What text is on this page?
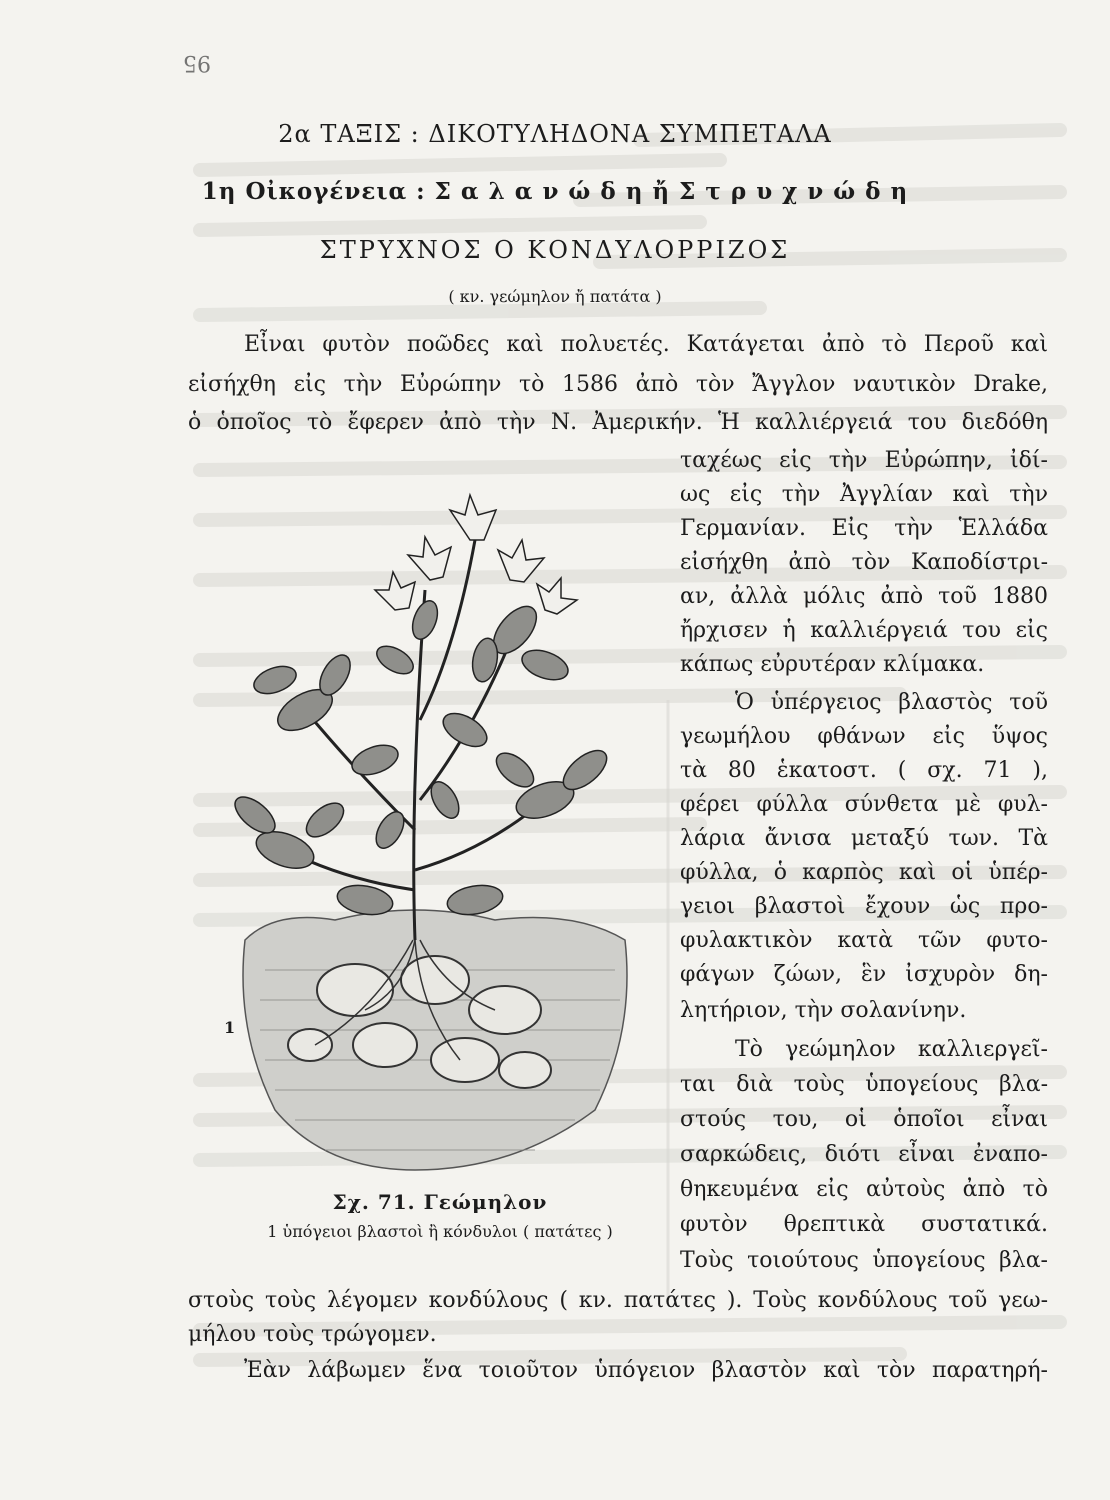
95
2α ΤΑΞΙΣ : ΔΙΚΟΤΥΛΗΔΟΝΑ ΣΥΜΠΕΤΑΛΑ
1η Οἰκογένεια : Σ α λ α ν ώ δ η ἤ Σ τ ρ υ χ ν ώ δ η
ΣΤΡΥΧΝΟΣ Ο ΚΟΝΔΥΛΟΡΡΙΖΟΣ
( κν. γεώμηλον ἤ πατάτα )
Εἶναι φυτὸν ποῶδες καὶ πολυετές. Κατάγεται ἀπὸ τὸ Περοῦ καὶ
εἰσήχθη εἰς τὴν Εὐρώπην τὸ 1586 ἀπὸ τὸν Ἄγγλον ναυτικὸν Drake,
ὁ ὁποῖος τὸ ἔφερεν ἀπὸ τὴν Ν. Ἀμερικήν. Ἡ καλλιέργειά του διεδόθη
ταχέως εἰς τὴν Εὐρώπην, ἰδί-
ως εἰς τὴν Ἀγγλίαν καὶ τὴν
Γερμανίαν. Εἰς τὴν Ἑλλάδα
εἰσήχθη ἀπὸ τὸν Καποδίστρι-
αν, ἀλλὰ μόλις ἀπὸ τοῦ 1880
ἤρχισεν ἡ καλλιέργειά του εἰς
κάπως εὐρυτέραν κλίμακα.
Ὁ ὑπέργειος βλαστὸς τοῦ
γεωμήλου φθάνων εἰς ὕψος
τὰ 80 ἑκατοστ. ( σχ. 71 ),
φέρει φύλλα σύνθετα μὲ φυλ-
λάρια ἄνισα μεταξύ των. Τὰ
φύλλα, ὁ καρπὸς καὶ οἱ ὑπέρ-
γειοι βλαστοὶ ἔχουν ὡς προ-
φυλακτικὸν κατὰ τῶν φυτο-
φάγων ζώων, ἓν ἰσχυρὸν δη-
λητήριον, τὴν σολανίνην.
Τὸ γεώμηλον καλλιεργεῖ-
ται διὰ τοὺς ὑπογείους βλα-
στούς του, οἱ ὁποῖοι εἶναι
σαρκώδεις, διότι εἶναι ἐναπο-
θηκευμένα εἰς αὐτοὺς ἀπὸ τὸ
φυτὸν θρεπτικὰ συστατικά.
Τοὺς τοιούτους ὑπογείους βλα-
στοὺς τοὺς λέγομεν κονδύλους ( κν. πατάτες ). Τοὺς κονδύλους τοῦ γεω-
μήλου τοὺς τρώγομεν.
Ἐὰν λάβωμεν ἕνα τοιοῦτον ὑπόγειον βλαστὸν καὶ τὸν παρατηρή-
1
Σχ. 71. Γεώμηλον
1 ὑπόγειοι βλαστοὶ ἢ κόνδυλοι ( πατάτες )
